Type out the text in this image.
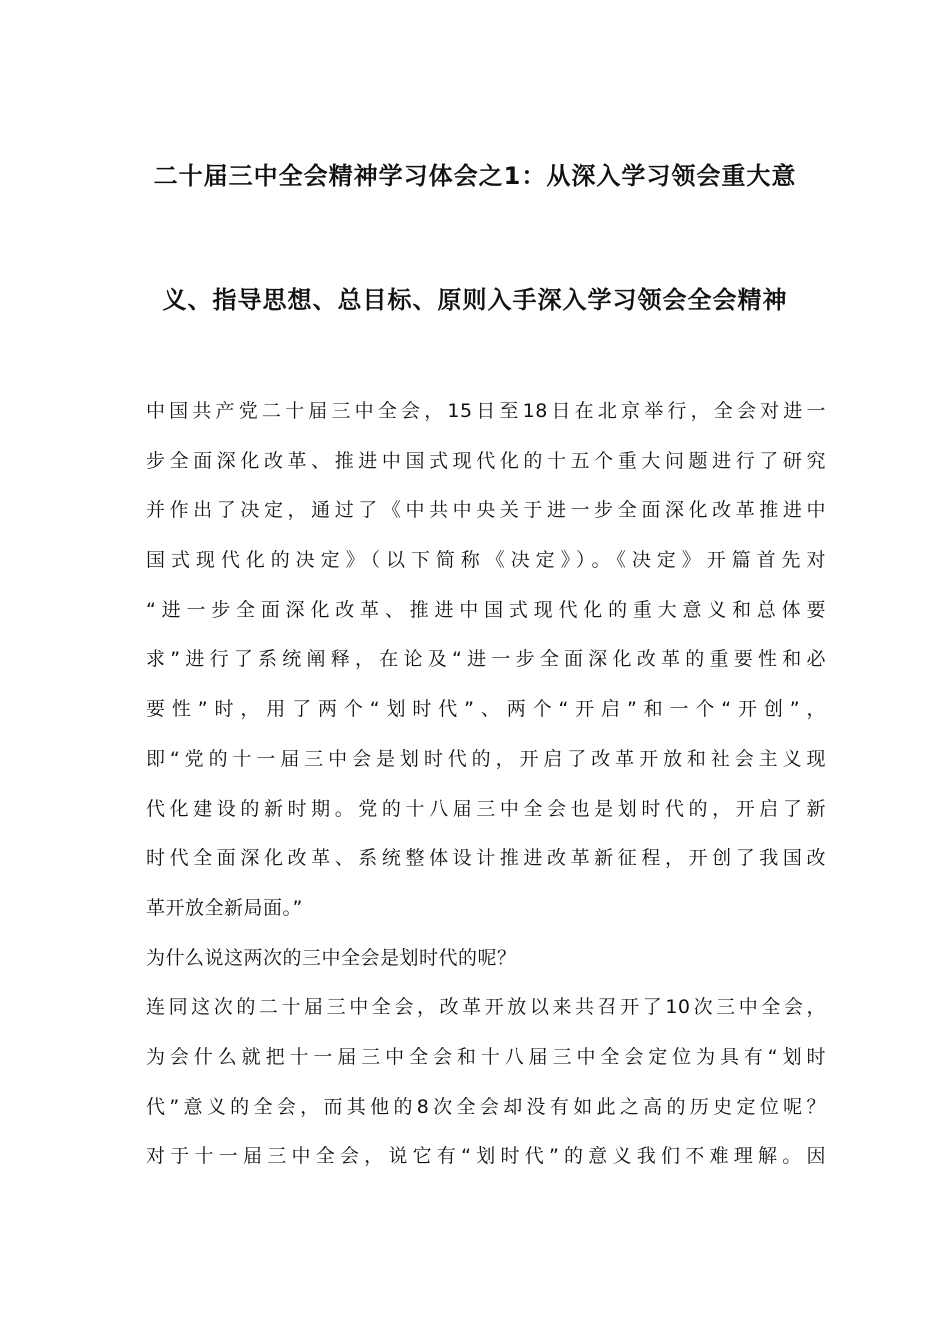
二十届三中全会精神学习体会之1：从深入学习领会重大意
义、指导思想、总目标、原则入手深入学习领会全会精神
中国共产党二十届三中全会，15日至18日在北京举行，全会对进一
步全面深化改革、推进中国式现代化的十五个重大问题进行了研究
并作出了决定，通过了《中共中央关于进一步全面深化改革推进中
国式现代化的决定》（以下简称《决定》）。《决定》开篇首先对
“进一步全面深化改革、推进中国式现代化的重大意义和总体要
求”进行了系统阐释，在论及“进一步全面深化改革的重要性和必
要性”时，用了两个“划时代”、两个“开启”和一个“开创”，
即“党的十一届三中会是划时代的，开启了改革开放和社会主义现
代化建设的新时期。党的十八届三中全会也是划时代的，开启了新
时代全面深化改革、系统整体设计推进改革新征程，开创了我国改
革开放全新局面。”
为什么说这两次的三中全会是划时代的呢？
连同这次的二十届三中全会，改革开放以来共召开了10次三中全会，
为会什么就把十一届三中全会和十八届三中全会定位为具有“划时
代”意义的全会，而其他的8次全会却没有如此之高的历史定位呢？
对于十一届三中全会，说它有“划时代”的意义我们不难理解。因
